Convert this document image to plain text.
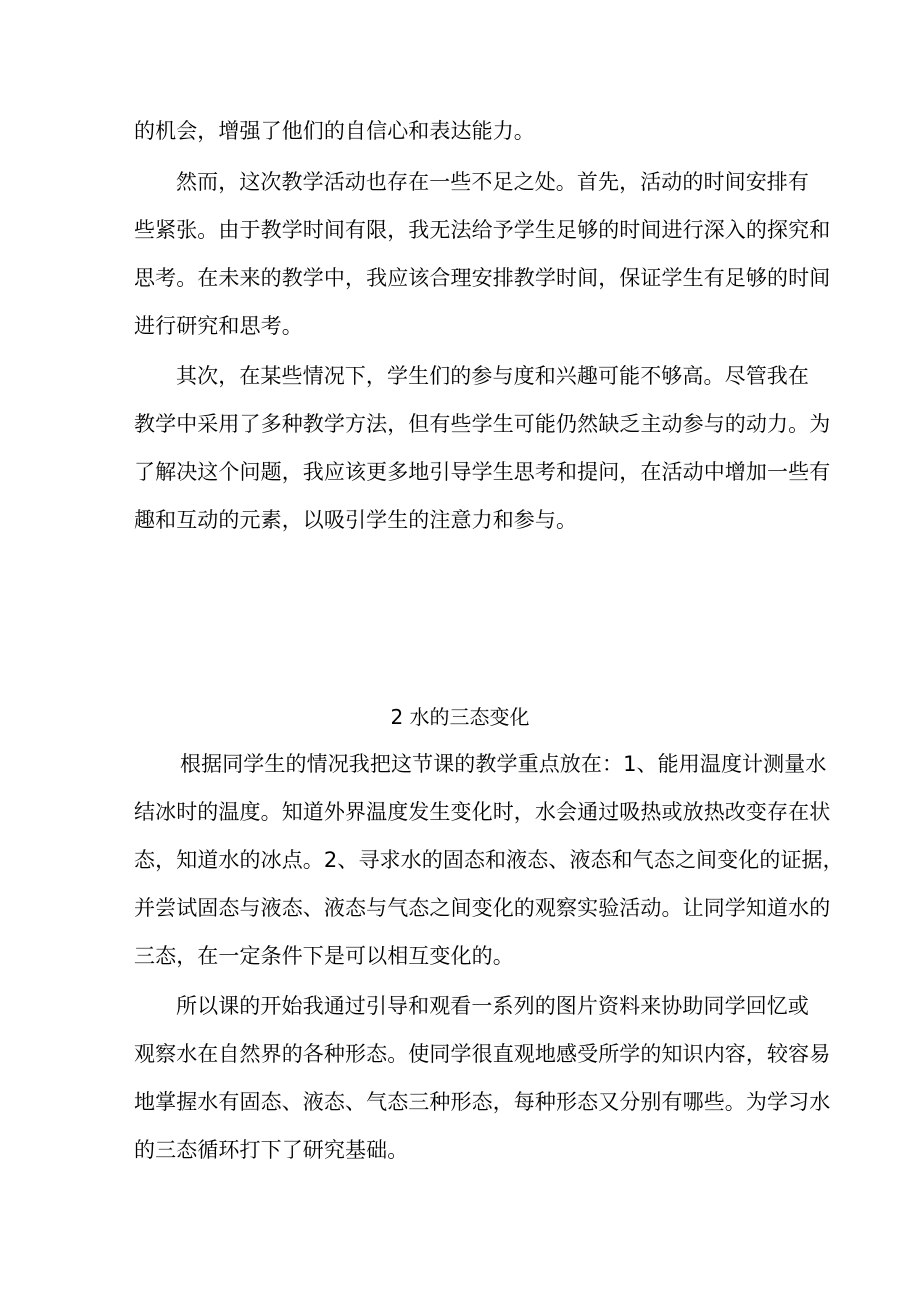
的机会，增强了他们的自信心和表达能力。
然而，这次教学活动也存在一些不足之处。首先，活动的时间安排有
些紧张。由于教学时间有限，我无法给予学生足够的时间进行深入的探究和
思考。在未来的教学中，我应该合理安排教学时间，保证学生有足够的时间
进行研究和思考。
其次，在某些情况下，学生们的参与度和兴趣可能不够高。尽管我在
教学中采用了多种教学方法，但有些学生可能仍然缺乏主动参与的动力。为
了解决这个问题，我应该更多地引导学生思考和提问，在活动中增加一些有
趣和互动的元素，以吸引学生的注意力和参与。
2 水的三态变化
根据同学生的情况我把这节课的教学重点放在：1、能用温度计测量水
结冰时的温度。知道外界温度发生变化时，水会通过吸热或放热改变存在状
态，知道水的冰点。2、寻求水的固态和液态、液态和气态之间变化的证据，
并尝试固态与液态、液态与气态之间变化的观察实验活动。让同学知道水的
三态，在一定条件下是可以相互变化的。
所以课的开始我通过引导和观看一系列的图片资料来协助同学回忆或
观察水在自然界的各种形态。使同学很直观地感受所学的知识内容，较容易
地掌握水有固态、液态、气态三种形态，每种形态又分别有哪些。为学习水
的三态循环打下了研究基础。
